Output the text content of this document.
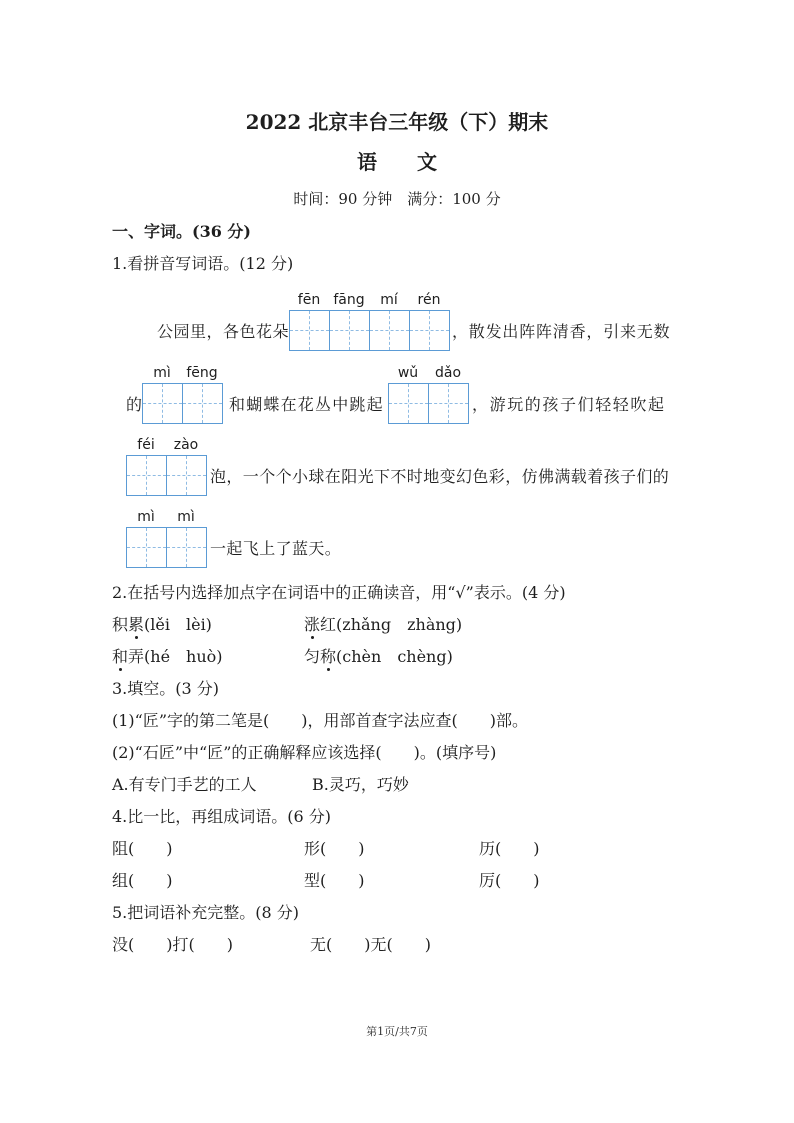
2022 北京丰台三年级（下）期末
语　　文
时间：90 分钟　满分：100 分
一、字词。(36 分)
1.看拼音写词语。(12 分)
公园里，各色花朵
fēn fāng	mí	rén
，散发出阵阵清香，引来无数
的
mì	fēng
和蝴蝶在花丛中跳起
wǔ	dǎo
，游玩的孩子们轻轻吹起
féi	zào
泡，一个个小球在阳光下不时地变幻色彩，仿佛满载着孩子们的
mì	mì
一起飞上了蓝天。
2.在括号内选择加点字在词语中的正确读音，用“√”表示。(4 分)
积累(lěi　lèi)	涨红(zhǎng　zhàng)
和弄(hé　huò)	匀称(chèn　chèng)
3.填空。(3 分)
(1)“匠”字的第二笔是(　　)，用部首查字法应查(　　)部。
(2)“石匠”中“匠”的正确解释应该选择(　　)。(填序号)
A.有专门手艺的工人	B.灵巧，巧妙
4.比一比，再组成词语。(6 分)
阻(　　)	形(　　)	历(　　)
组(　　)	型(　　)	厉(　　)
5.把词语补充完整。(8 分)
没(　　)打(　　)	无(　　)无(　　)
第1页/共7页
